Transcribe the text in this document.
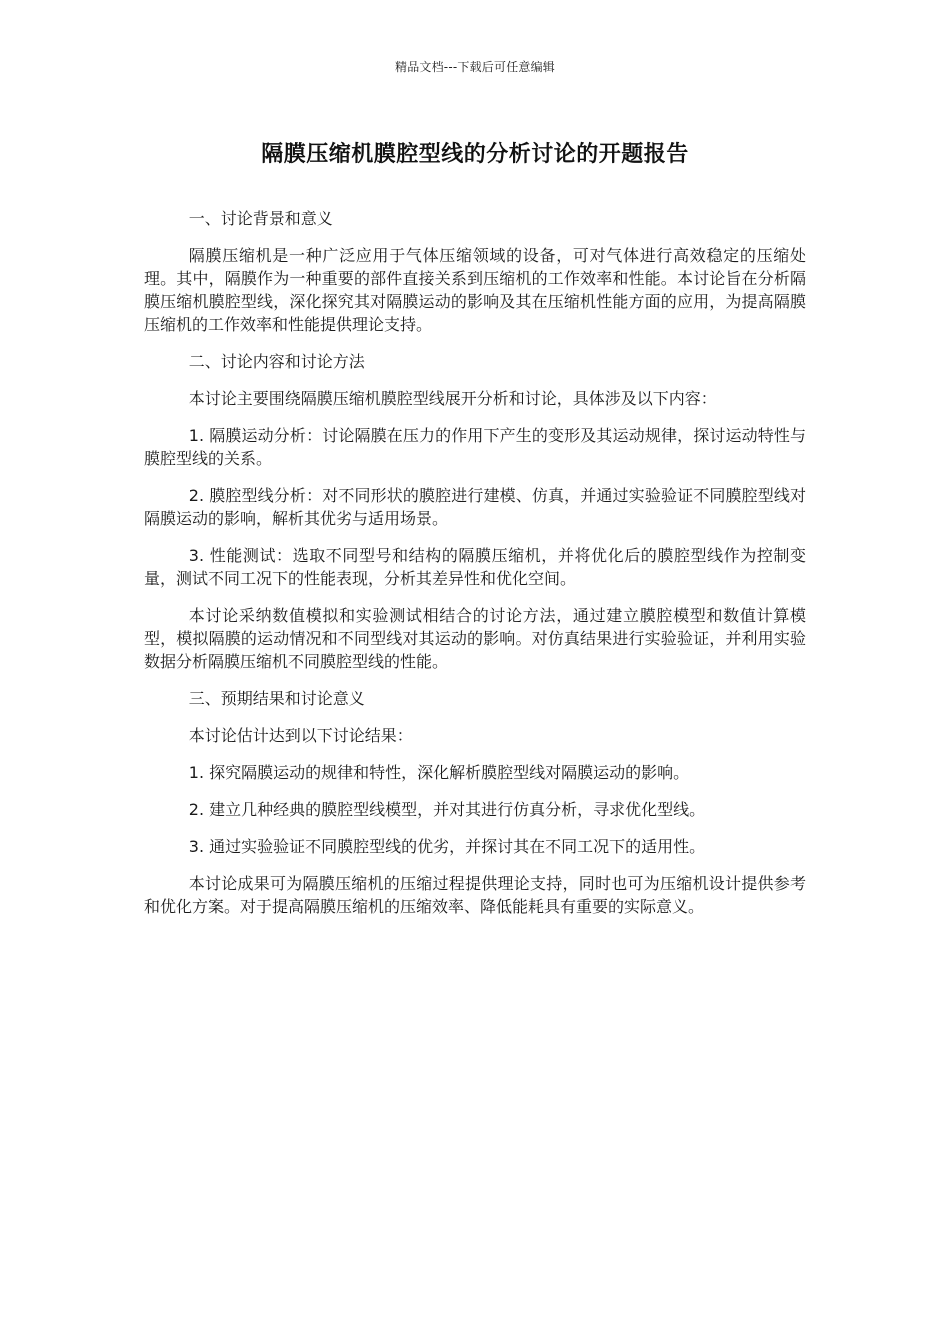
精品文档---下载后可任意编辑
隔膜压缩机膜腔型线的分析讨论的开题报告

一、讨论背景和意义

隔膜压缩机是一种广泛应用于气体压缩领域的设备，可对气体进行高效稳定的压缩处理。其中，隔膜作为一种重要的部件直接关系到压缩机的工作效率和性能。本讨论旨在分析隔膜压缩机膜腔型线，深化探究其对隔膜运动的影响及其在压缩机性能方面的应用，为提高隔膜压缩机的工作效率和性能提供理论支持。

二、讨论内容和讨论方法

本讨论主要围绕隔膜压缩机膜腔型线展开分析和讨论，具体涉及以下内容：

1. 隔膜运动分析：讨论隔膜在压力的作用下产生的变形及其运动规律，探讨运动特性与膜腔型线的关系。

2. 膜腔型线分析：对不同形状的膜腔进行建模、仿真，并通过实验验证不同膜腔型线对隔膜运动的影响，解析其优劣与适用场景。

3. 性能测试：选取不同型号和结构的隔膜压缩机，并将优化后的膜腔型线作为控制变量，测试不同工况下的性能表现，分析其差异性和优化空间。

本讨论采纳数值模拟和实验测试相结合的讨论方法，通过建立膜腔模型和数值计算模型，模拟隔膜的运动情况和不同型线对其运动的影响。对仿真结果进行实验验证，并利用实验数据分析隔膜压缩机不同膜腔型线的性能。

三、预期结果和讨论意义

本讨论估计达到以下讨论结果：

1. 探究隔膜运动的规律和特性，深化解析膜腔型线对隔膜运动的影响。

2. 建立几种经典的膜腔型线模型，并对其进行仿真分析，寻求优化型线。

3. 通过实验验证不同膜腔型线的优劣，并探讨其在不同工况下的适用性。

本讨论成果可为隔膜压缩机的压缩过程提供理论支持，同时也可为压缩机设计提供参考和优化方案。对于提高隔膜压缩机的压缩效率、降低能耗具有重要的实际意义。
